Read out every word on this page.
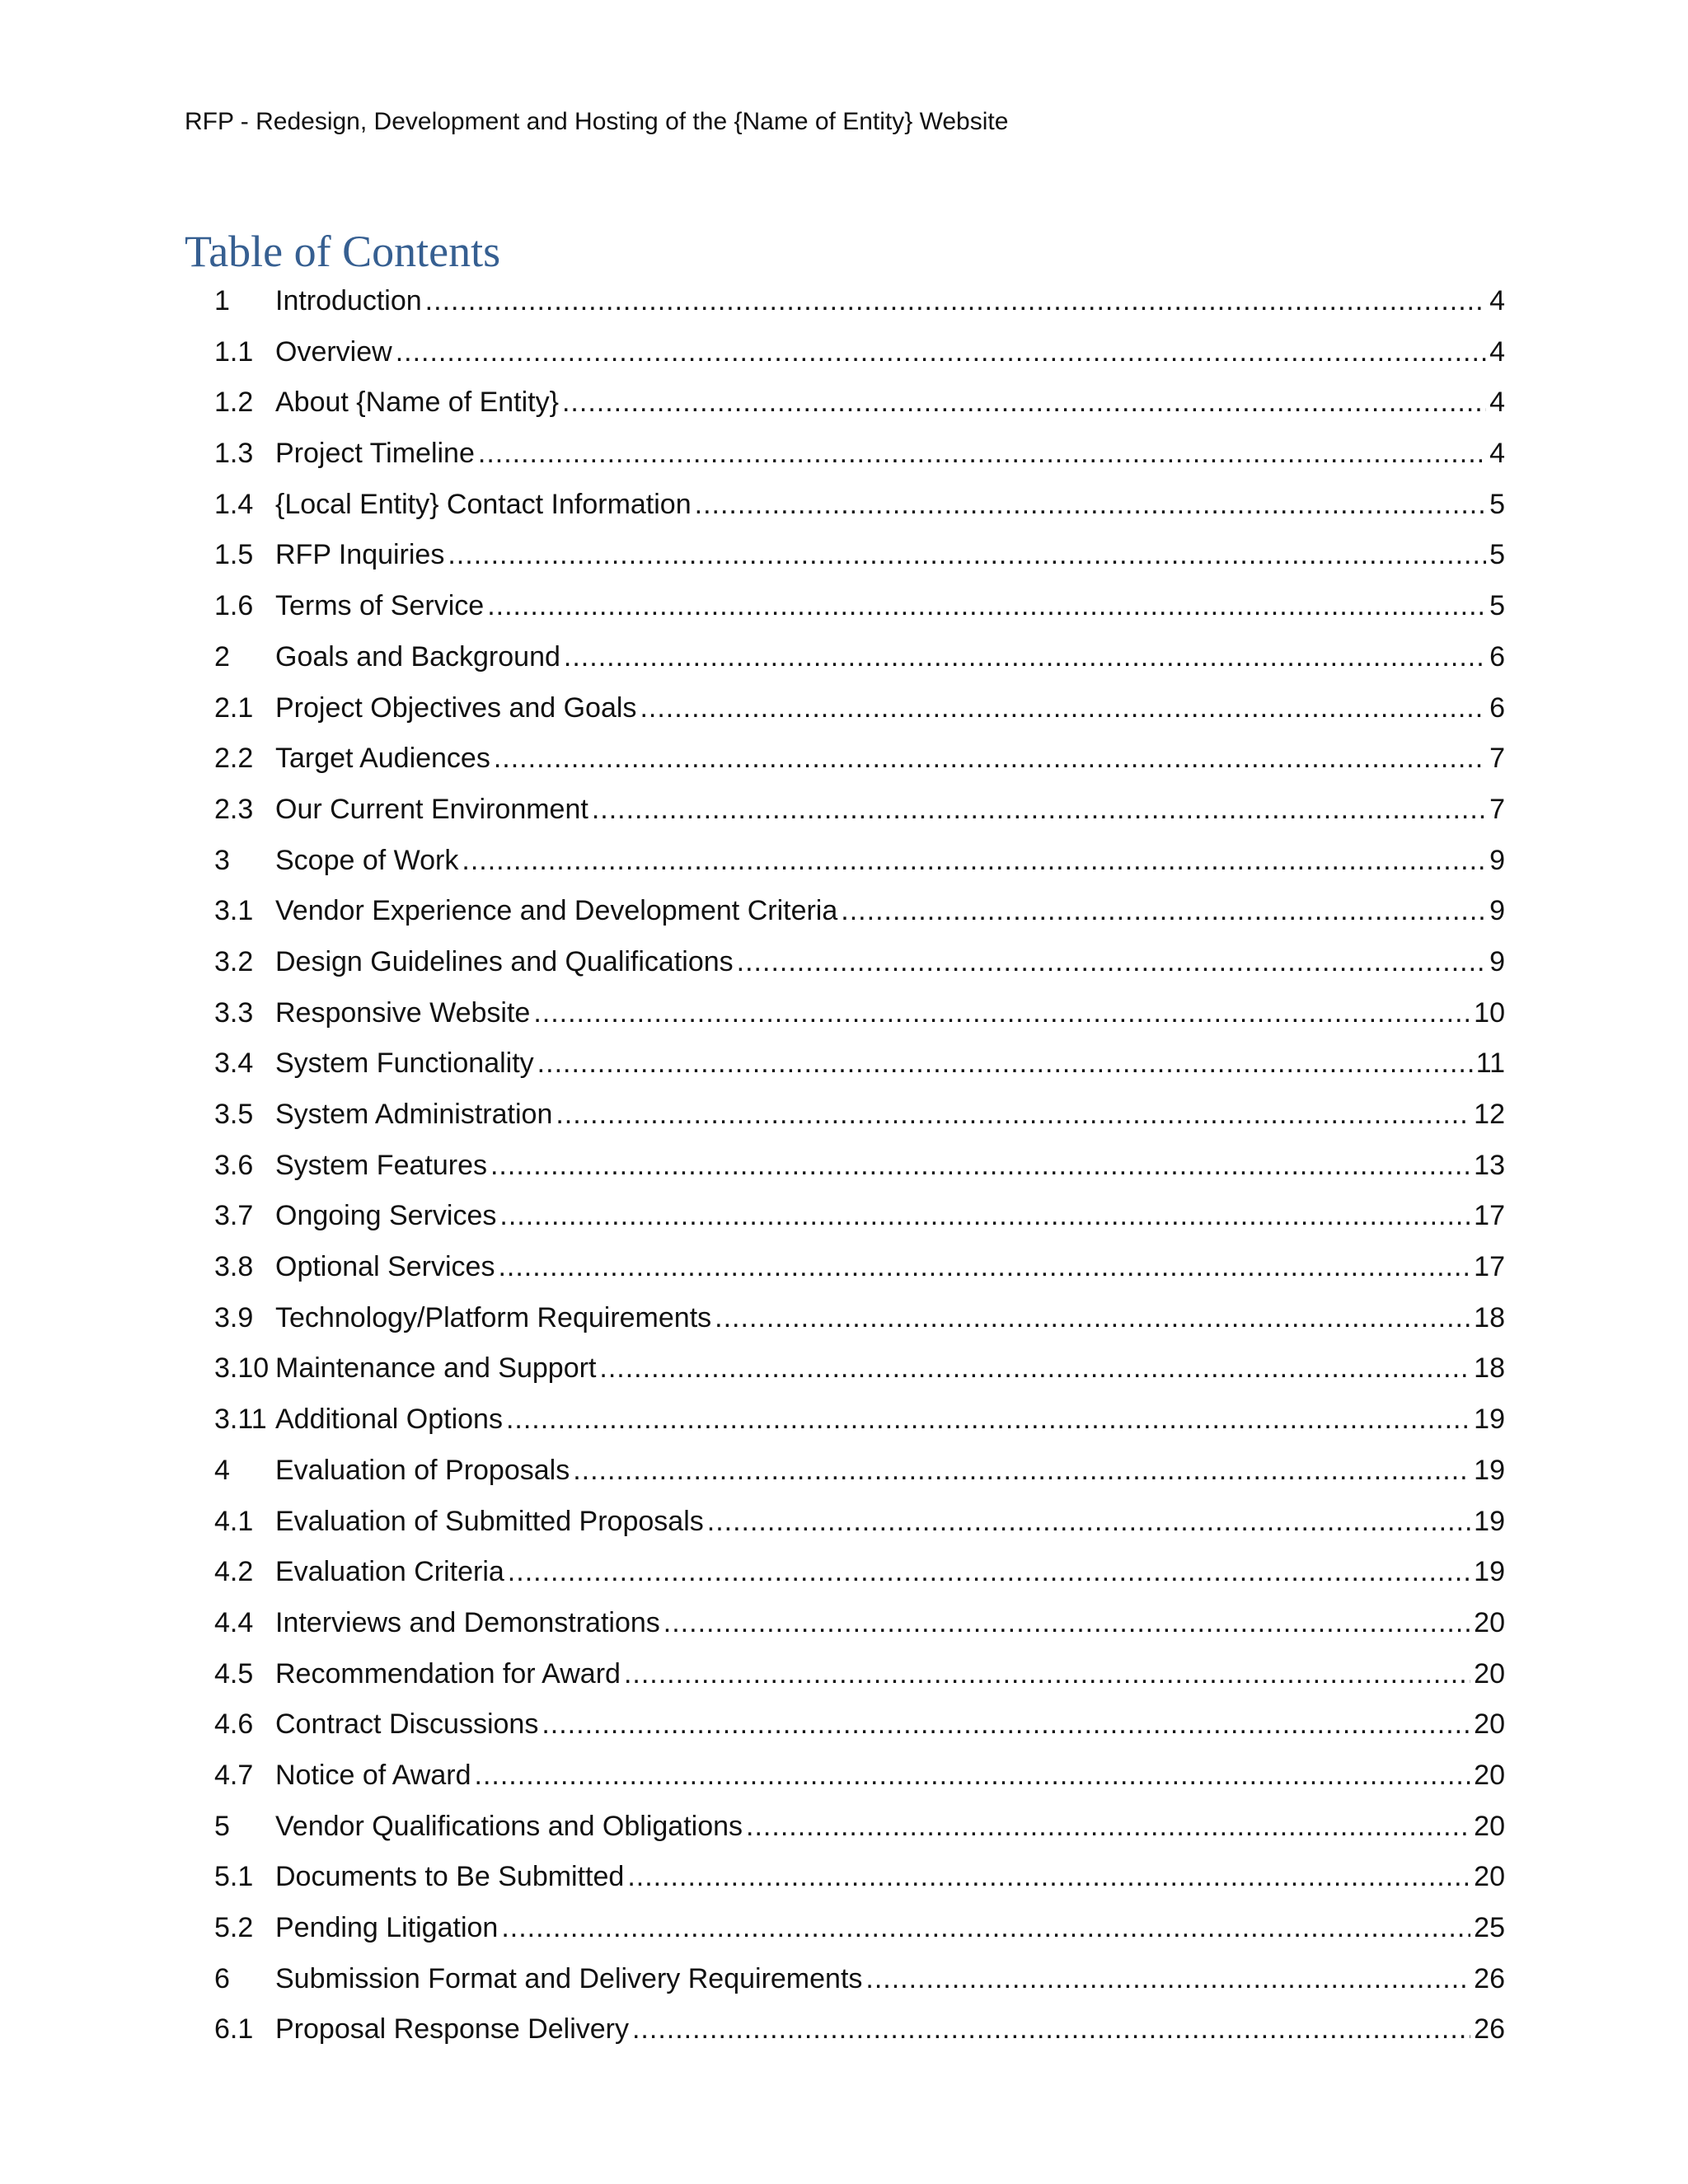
RFP - Redesign, Development and Hosting of the {Name of Entity} Website
Table of Contents
1	Introduction .....	4
1.1 Overview .....	4
1.2 About {Name of Entity} .....	4
1.3 Project Timeline .....	4
1.4 {Local Entity} Contact Information .....	5
1.5 RFP Inquiries .....	5
1.6 Terms of Service .....	5
2	Goals and Background .....	6
2.1 Project Objectives and Goals .....	6
2.2 Target Audiences .....	7
2.3 Our Current Environment .....	7
3	Scope of Work .....	9
3.1 Vendor Experience and Development Criteria .....	9
3.2 Design Guidelines and Qualifications .....	9
3.3 Responsive Website .....	10
3.4 System Functionality .....	11
3.5 System Administration .....	12
3.6 System Features .....	13
3.7 Ongoing Services .....	17
3.8 Optional Services .....	17
3.9 Technology/Platform Requirements .....	18
3.10 Maintenance and Support .....	18
3.11 Additional Options .....	19
4	Evaluation of Proposals .....	19
4.1 Evaluation of Submitted Proposals .....	19
4.2 Evaluation Criteria .....	19
4.4 Interviews and Demonstrations .....	20
4.5 Recommendation for Award .....	20
4.6 Contract Discussions .....	20
4.7 Notice of Award .....	20
5	Vendor Qualifications and Obligations .....	20
5.1 Documents to Be Submitted .....	20
5.2 Pending Litigation .....	25
6	Submission Format and Delivery Requirements .....	26
6.1 Proposal Response Delivery .....	26
